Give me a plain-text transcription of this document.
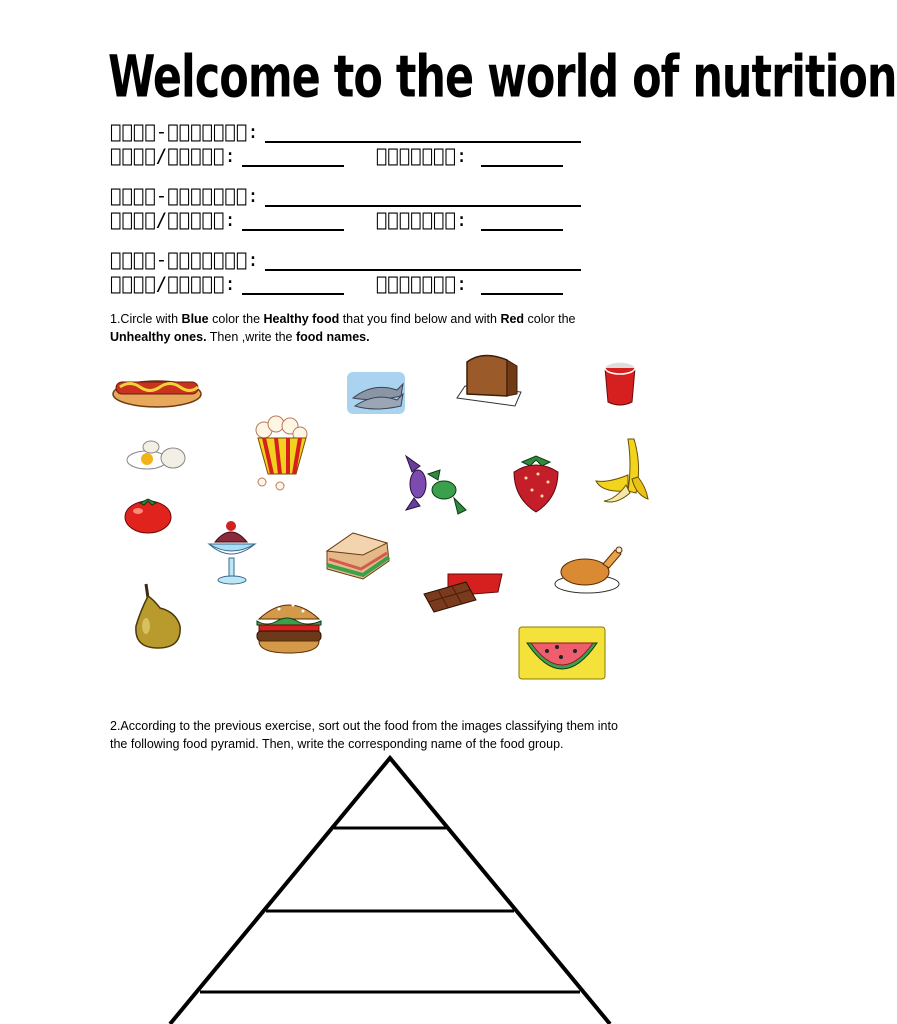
Welcome to the world of nutrition
    -       :
    /     :	       :
    -       :
    /     :	       :
    -       :
    /     :	       :
1.Circle with Blue color the Healthy food that you find below and with Red color the
Unhealthy ones. Then ,write the food names.
2.According to the previous exercise, sort out the food from the images classifying them into
the following food pyramid. Then, write the corresponding name of the food group.
